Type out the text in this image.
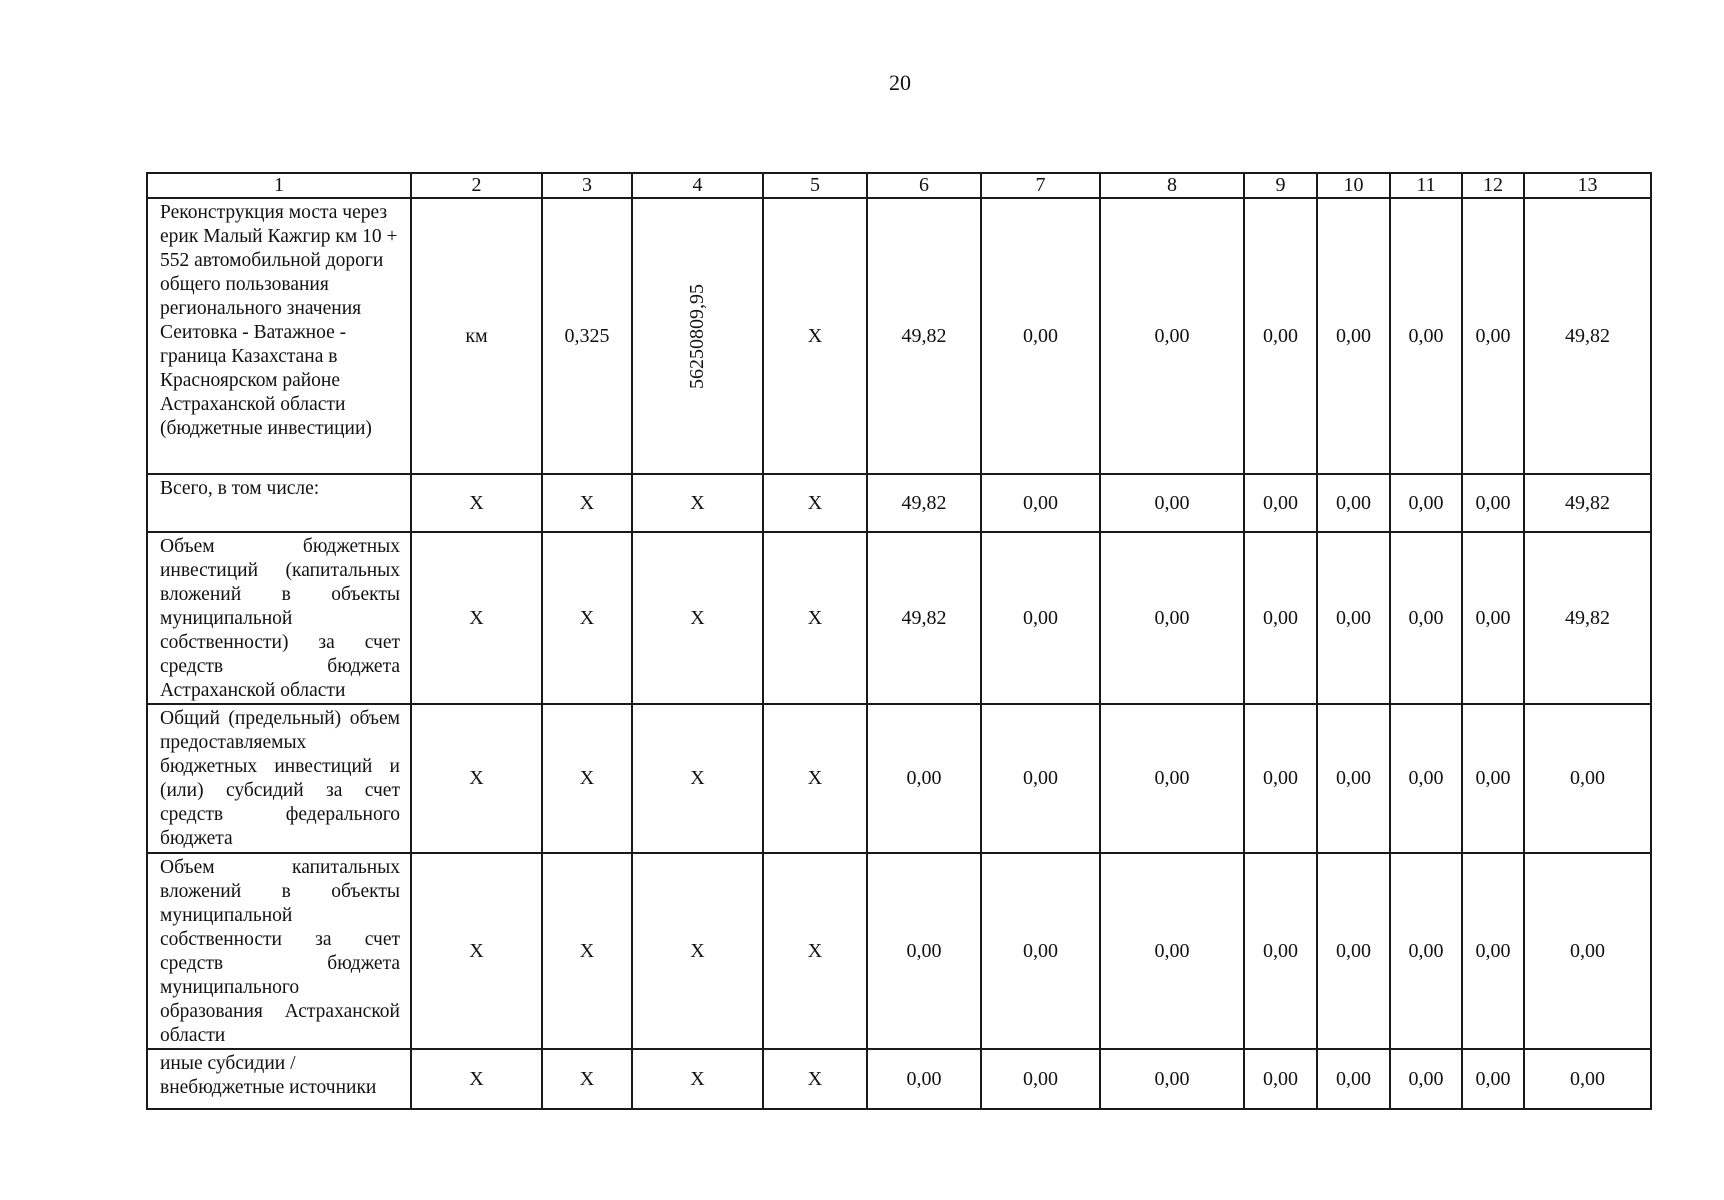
20
1	2	3	4	5	6	7	8	9	10	11	12	13
Реконструкция моста через ерик Малый Кажгир км 10 + 552 автомобильной дороги общего пользования регионального значения Сеитовка - Ватажное - граница Казахстана в Красноярском районе Астраханской области (бюджетные инвестиции)	км	0,325	56250809,95	Х	49,82	0,00	0,00	0,00	0,00	0,00	0,00	49,82
Всего, в том числе:	Х	Х	Х	Х	49,82	0,00	0,00	0,00	0,00	0,00	0,00	49,82
Объем бюджетных инвестиций (капитальных вложений в объекты муниципальной собственности) за счет средств бюджета Астраханской области	Х	Х	Х	Х	49,82	0,00	0,00	0,00	0,00	0,00	0,00	49,82
Общий (предельный) объем предоставляемых бюджетных инвестиций и (или) субсидий за счет средств федерального бюджета	Х	Х	Х	Х	0,00	0,00	0,00	0,00	0,00	0,00	0,00	0,00
Объем капитальных вложений в объекты муниципальной собственности за счет средств бюджета муниципального образования Астраханской области	Х	Х	Х	Х	0,00	0,00	0,00	0,00	0,00	0,00	0,00	0,00
иные субсидии / внебюджетные источники	Х	Х	Х	Х	0,00	0,00	0,00	0,00	0,00	0,00	0,00	0,00
